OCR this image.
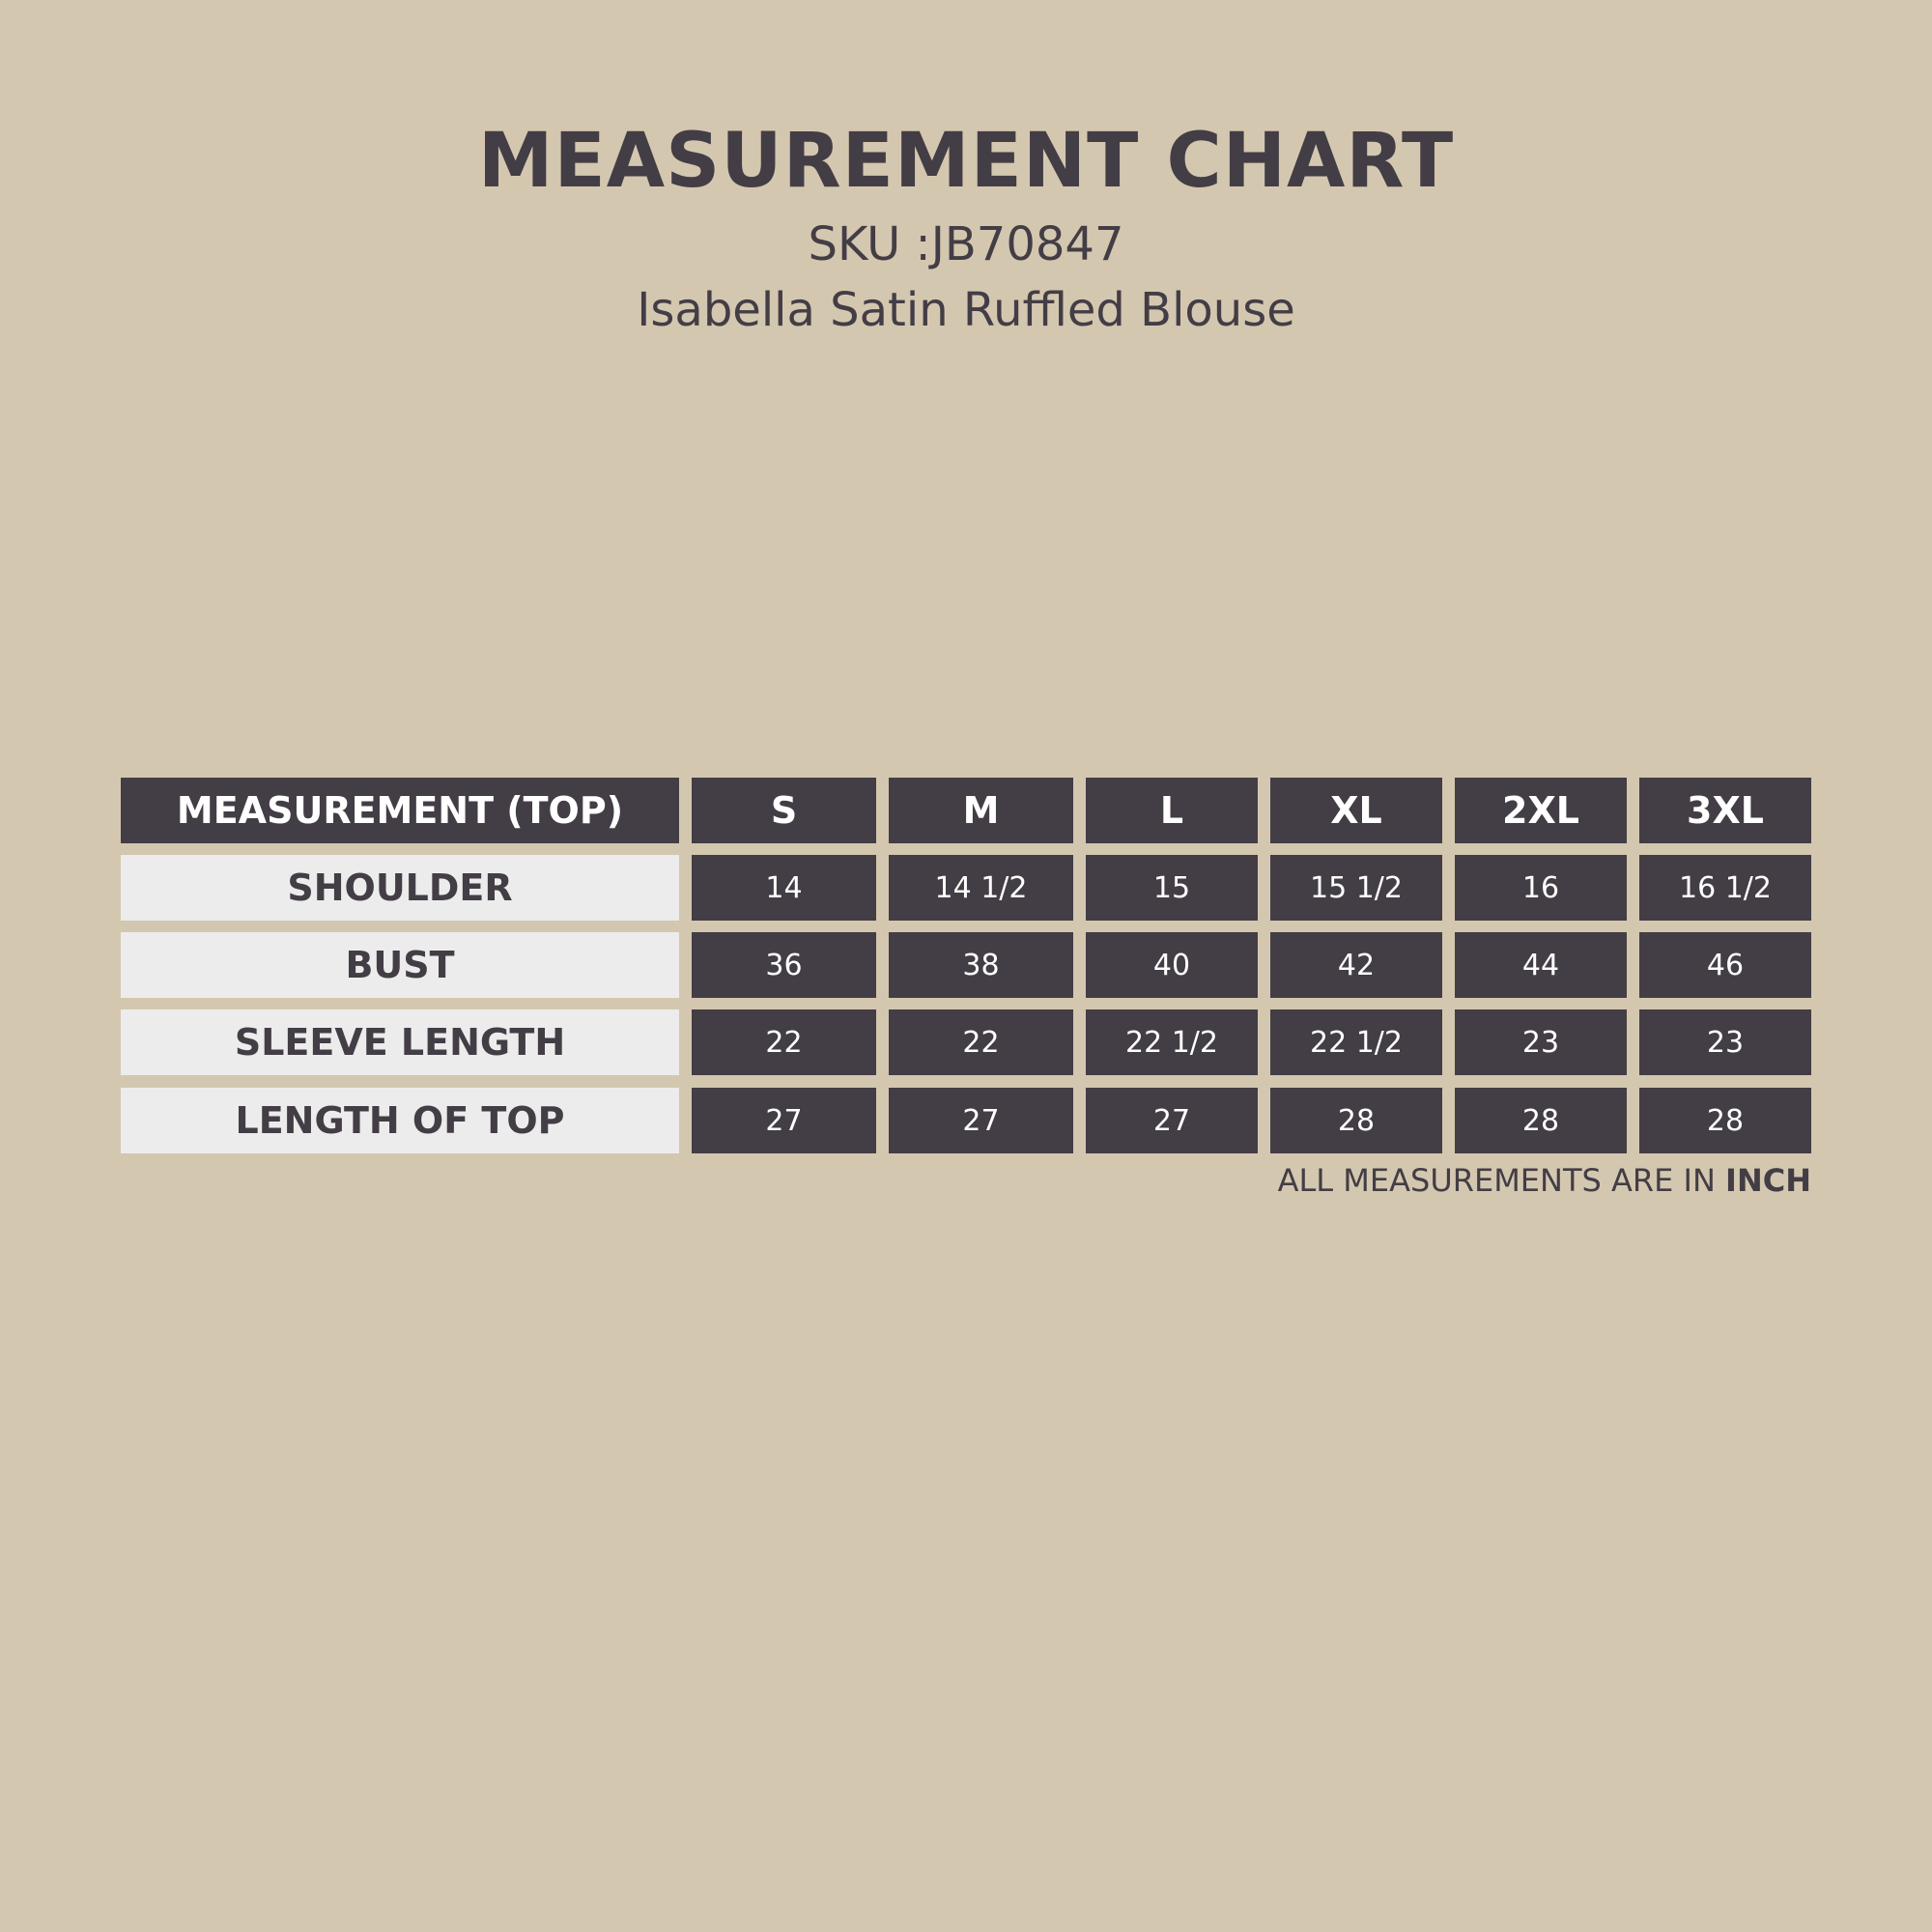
MEASUREMENT CHART
SKU :JB70847
Isabella Satin Ruffled Blouse
MEASUREMENT (TOP)	S	M	L	XL	2XL	3XL
SHOULDER	14	14 1/2	15	15 1/2	16	16 1/2
BUST	36	38	40	42	44	46
SLEEVE LENGTH	22	22	22 1/2	22 1/2	23	23
LENGTH OF TOP	27	27	27	28	28	28
ALL MEASUREMENTS ARE IN INCH
